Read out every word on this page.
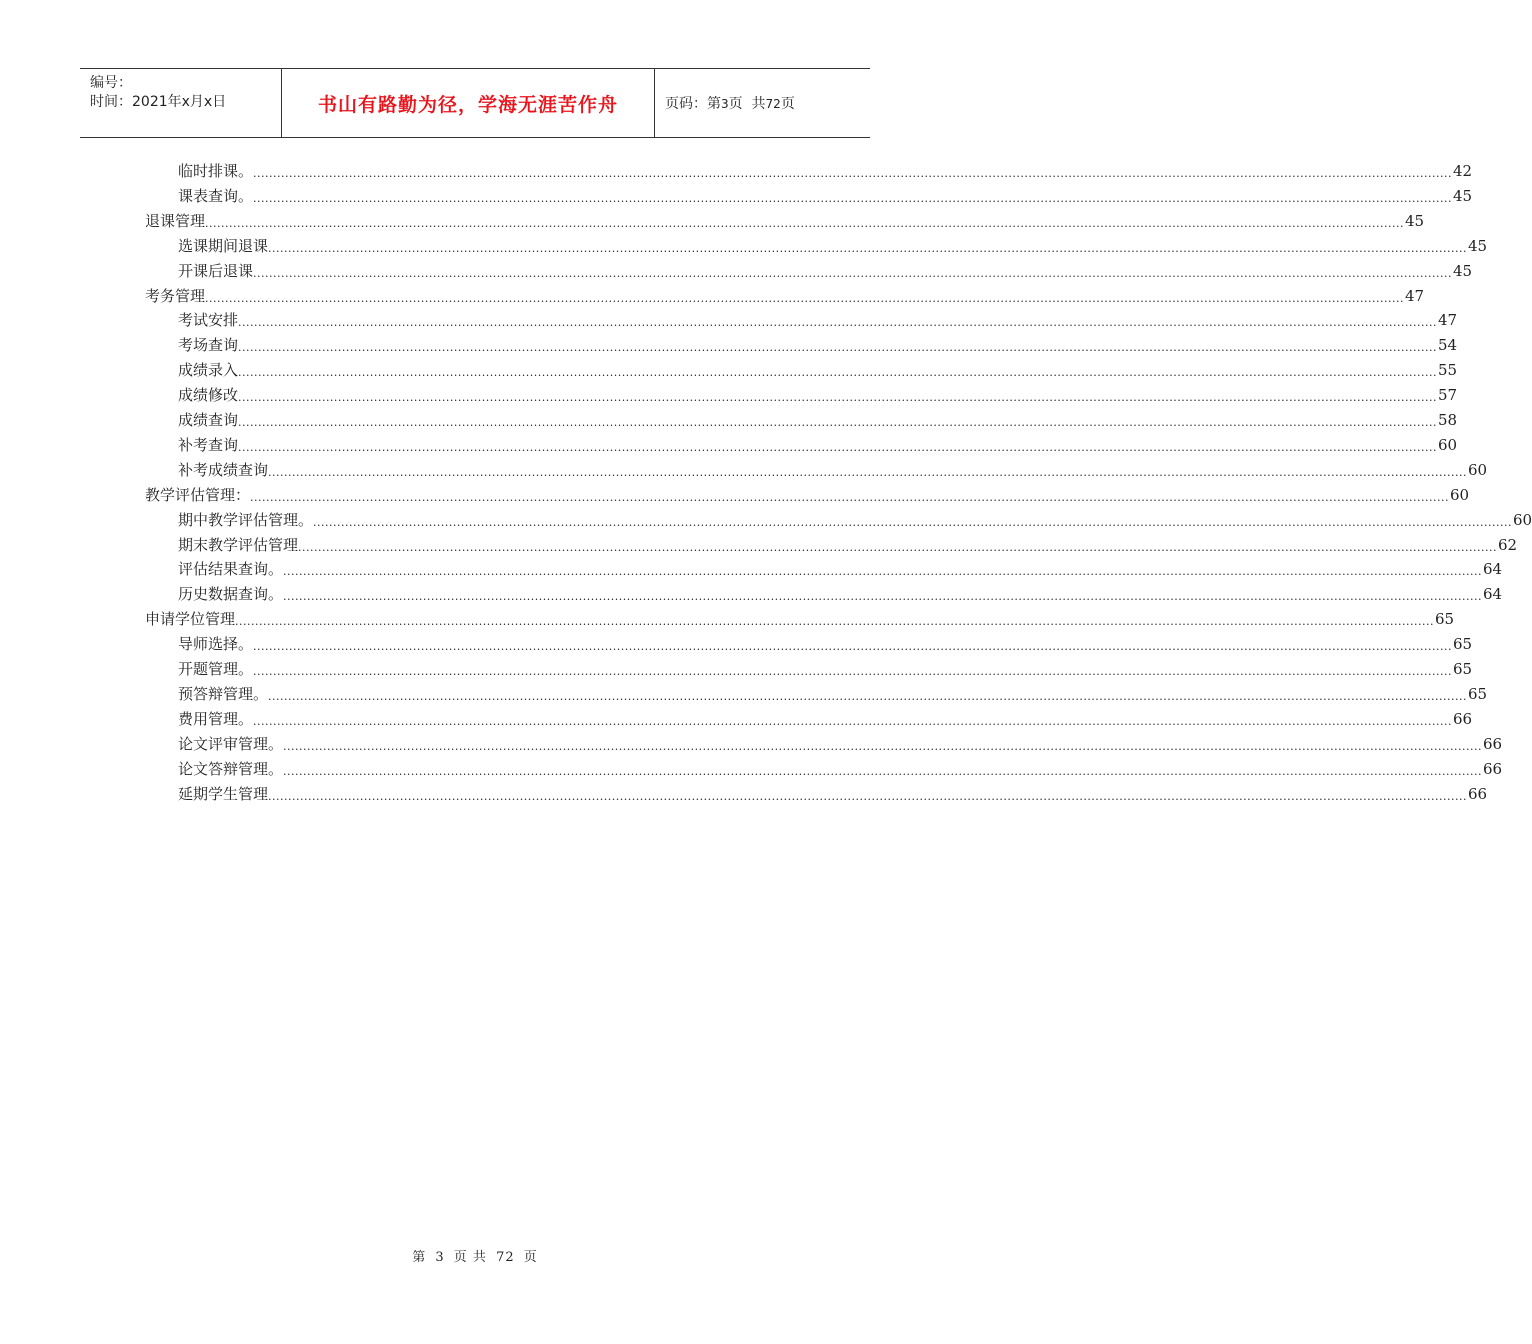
编号：
时间：2021年x月x日	书山有路勤为径，学海无涯苦作舟	页码：第3页  共72页
临时排课。 ............................................................................................................................................................................................................................................................................................................ 42
课表查询。 ............................................................................................................................................................................................................................................................................................................ 45
退课管理 ............................................................................................................................................................................................................................................................................................................ 45
选课期间退课 ............................................................................................................................................................................................................................................................................................................ 45
开课后退课 ............................................................................................................................................................................................................................................................................................................ 45
考务管理 ............................................................................................................................................................................................................................................................................................................ 47
考试安排 ............................................................................................................................................................................................................................................................................................................ 47
考场查询 ............................................................................................................................................................................................................................................................................................................ 54
成绩录入 ............................................................................................................................................................................................................................................................................................................ 55
成绩修改 ............................................................................................................................................................................................................................................................................................................ 57
成绩查询 ............................................................................................................................................................................................................................................................................................................ 58
补考查询 ............................................................................................................................................................................................................................................................................................................ 60
补考成绩查询 ............................................................................................................................................................................................................................................................................................................ 60
教学评估管理： ............................................................................................................................................................................................................................................................................................................ 60
期中教学评估管理。 ............................................................................................................................................................................................................................................................................................................ 60
期末教学评估管理 ............................................................................................................................................................................................................................................................................................................ 62
评估结果查询。 ............................................................................................................................................................................................................................................................................................................ 64
历史数据查询。 ............................................................................................................................................................................................................................................................................................................ 64
申请学位管理 ............................................................................................................................................................................................................................................................................................................ 65
导师选择。 ............................................................................................................................................................................................................................................................................................................ 65
开题管理。 ............................................................................................................................................................................................................................................................................................................ 65
预答辩管理。 ............................................................................................................................................................................................................................................................................................................ 65
费用管理。 ............................................................................................................................................................................................................................................................................................................ 66
论文评审管理。 ............................................................................................................................................................................................................................................................................................................ 66
论文答辩管理。 ............................................................................................................................................................................................................................................................................................................ 66
延期学生管理 ............................................................................................................................................................................................................................................................................................................ 66
第 3 页 共 72 页
